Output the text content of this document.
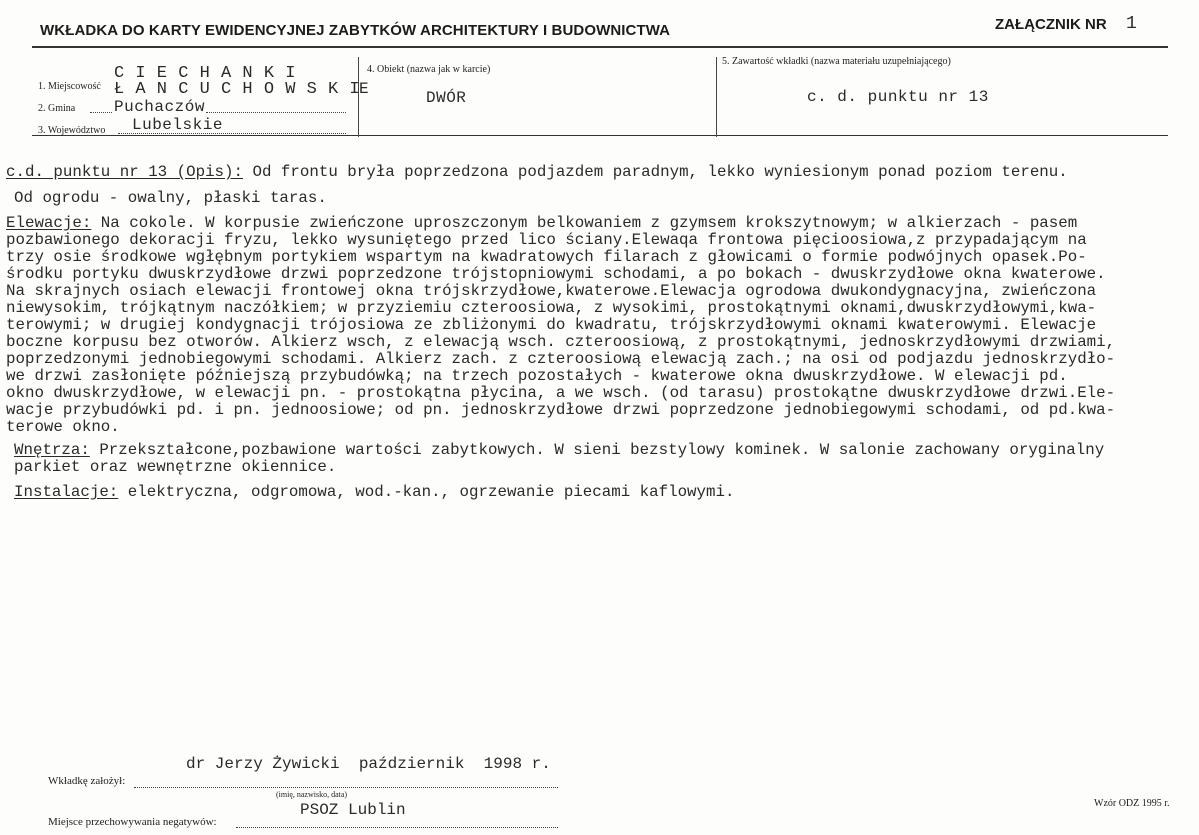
WKŁADKA DO KARTY EWIDENCYJNEJ ZABYTKÓW ARCHITEKTURY I BUDOWNICTWA	ZAŁĄCZNIK NR 1
1. Miejscowość
C I E C H A N K I
Ł A N C U C H O W S K I
E
2. Gmina Puchaczów
3. Województwo Lubelskie
4. Obiekt (nazwa jak w karcie)
DWÓR
5. Zawartość wkładki (nazwa materiału uzupełniającego)
c. d. punktu nr 13
c.d. punktu nr 13 (Opis): Od frontu bryła poprzedzona podjazdem paradnym, lekko wyniesionym ponad poziom terenu.
Od ogrodu - owalny, płaski taras.
Elewacje: Na cokole. W korpusie zwieńczone uproszczonym belkowaniem z gzymsem krokszytnowym; w alkierzach - pasem
pozbawionego dekoracji fryzu, lekko wysuniętego przed lico ściany.Elewaqa frontowa pięcioosiowa,z przypadającym na
trzy osie środkowe wgłębnym portykiem wspartym na kwadratowych filarach z głowicami o formie podwójnych opasek.Po-
środku portyku dwuskrzydłowe drzwi poprzedzone trójstopniowymi schodami, a po bokach - dwuskrzydłowe okna kwaterowe.
Na skrajnych osiach elewacji frontowej okna trójskrzydłowe,kwaterowe.Elewacja ogrodowa dwukondygnacyjna, zwieńczona
niewysokim, trójkątnym naczółkiem; w przyziemiu czteroosiowa, z wysokimi, prostokątnymi oknami,dwuskrzydłowymi,kwa-
terowymi; w drugiej kondygnacji trójosiowa ze zbliżonymi do kwadratu, trójskrzydłowymi oknami kwaterowymi. Elewacje
boczne korpusu bez otworów. Alkierz wsch, z elewacją wsch. czteroosiową, z prostokątnymi, jednoskrzydłowymi drzwiami,
poprzedzonymi jednobiegowymi schodami. Alkierz zach. z czteroosiową elewacją zach.; na osi od podjazdu jednoskrzydło-
we drzwi zasłonięte późniejszą przybudówką; na trzech pozostałych - kwaterowe okna dwuskrzydłowe. W elewacji pd.
okno dwuskrzydłowe, w elewacji pn. - prostokątna płycina, a we wsch. (od tarasu) prostokątne dwuskrzydłowe drzwi.Ele-
wacje przybudówki pd. i pn. jednoosiowe; od pn. jednoskrzydłowe drzwi poprzedzone jednobiegowymi schodami, od pd.kwa-
terowe okno.
Wnętrza: Przekształcone,pozbawione wartości zabytkowych. W sieni bezstylowy kominek. W salonie zachowany oryginalny
parkiet oraz wewnętrzne okiennice.
Instalacje: elektryczna, odgromowa, wod.-kan., ogrzewanie piecami kaflowymi.
dr Jerzy Żywicki  październik  1998 r.
Wkładkę założył:
(imię, nazwisko, data)
PSOZ Lublin
Miejsce przechowywania negatywów:
Wzór ODZ 1995 r.
